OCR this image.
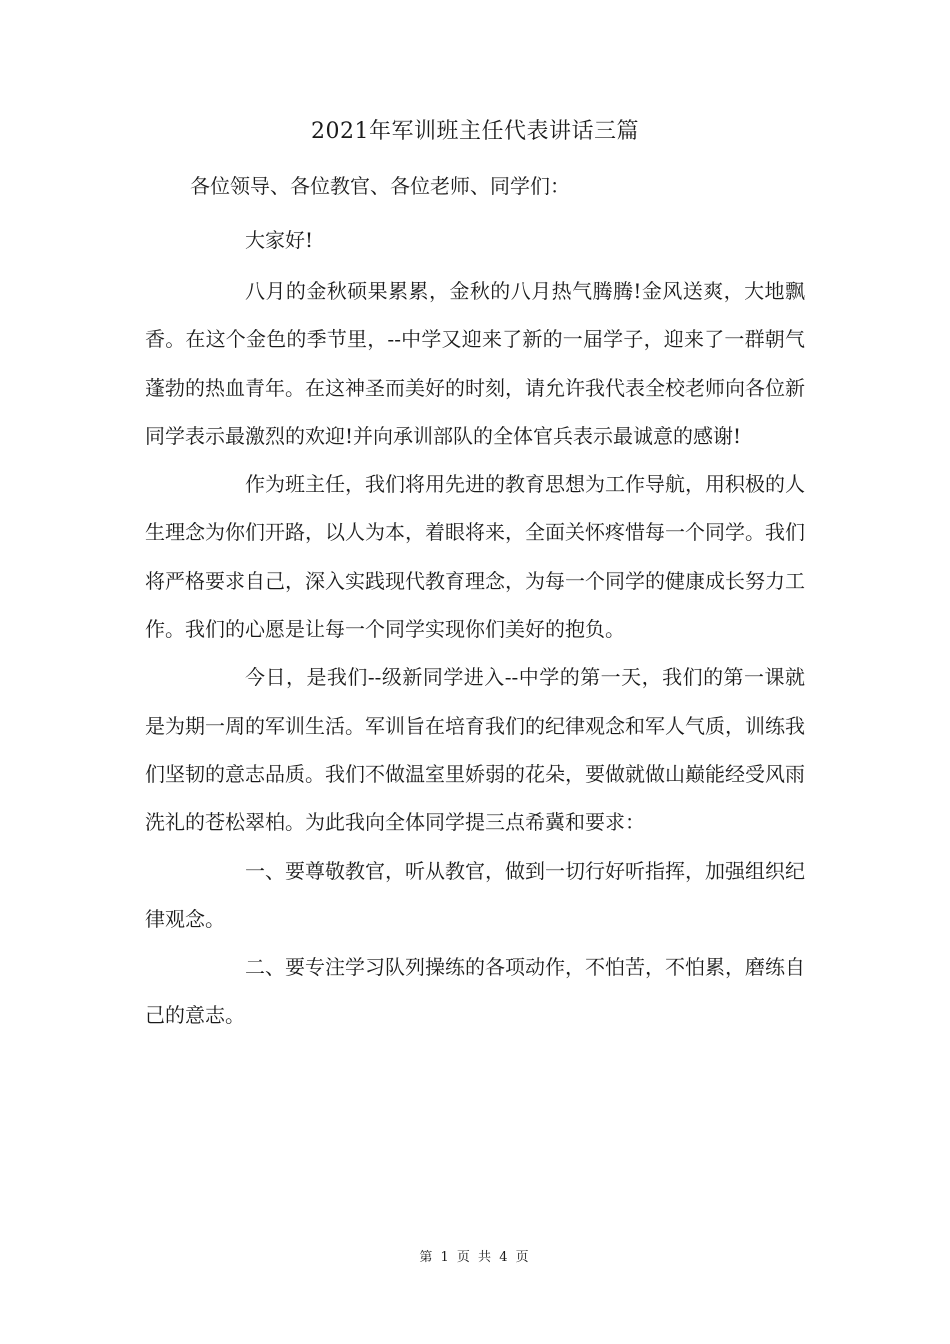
2021年军训班主任代表讲话三篇
各位领导、各位教官、各位老师、同学们：
大家好!

八月的金秋硕果累累，金秋的八月热气腾腾!金风送爽，大地飘香。在这个金色的季节里，--中学又迎来了新的一届学子，迎来了一群朝气蓬勃的热血青年。在这神圣而美好的时刻，请允许我代表全校老师向各位新同学表示最激烈的欢迎!并向承训部队的全体官兵表示最诚意的感谢!

作为班主任，我们将用先进的教育思想为工作导航，用积极的人生理念为你们开路，以人为本，着眼将来，全面关怀疼惜每一个同学。我们将严格要求自己，深入实践现代教育理念，为每一个同学的健康成长努力工作。我们的心愿是让每一个同学实现你们美好的抱负。

今日，是我们--级新同学进入--中学的第一天，我们的第一课就是为期一周的军训生活。军训旨在培育我们的纪律观念和军人气质，训练我们坚韧的意志品质。我们不做温室里娇弱的花朵，要做就做山巅能经受风雨洗礼的苍松翠柏。为此我向全体同学提三点希冀和要求：

一、要尊敬教官，听从教官，做到一切行好听指挥，加强组织纪律观念。

二、要专注学习队列操练的各项动作，不怕苦，不怕累，磨练自己的意志。

第 1 页 共 4 页
